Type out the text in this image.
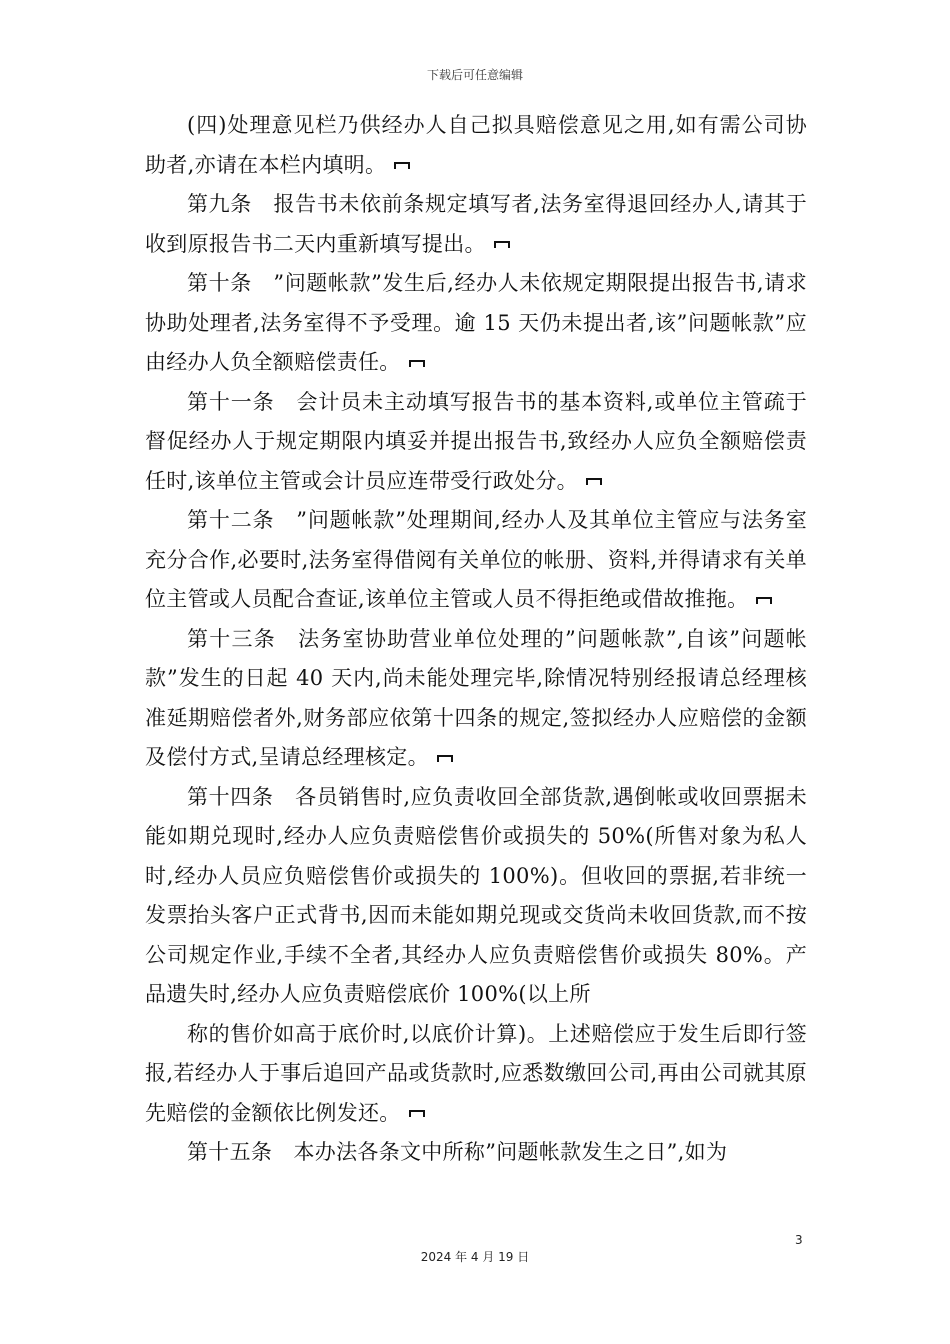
下载后可任意编辑

(四)处理意见栏乃供经办人自己拟具赔偿意见之用,如有需公司协助者,亦请在本栏内填明。

第九条　报告书未依前条规定填写者,法务室得退回经办人,请其于收到原报告书二天内重新填写提出。

第十条　”问题帐款”发生后,经办人未依规定期限提出报告书,请求协助处理者,法务室得不予受理。逾 15 天仍未提出者,该”问题帐款”应由经办人负全额赔偿责任。

第十一条　会计员未主动填写报告书的基本资料,或单位主管疏于督促经办人于规定期限内填妥并提出报告书,致经办人应负全额赔偿责任时,该单位主管或会计员应连带受行政处分。

第十二条　”问题帐款”处理期间,经办人及其单位主管应与法务室充分合作,必要时,法务室得借阅有关单位的帐册、资料,并得请求有关单位主管或人员配合查证,该单位主管或人员不得拒绝或借故推拖。

第十三条　法务室协助营业单位处理的”问题帐款”,自该”问题帐款”发生的日起 40 天内,尚未能处理完毕,除情况特别经报请总经理核准延期赔偿者外,财务部应依第十四条的规定,签拟经办人应赔偿的金额及偿付方式,呈请总经理核定。

第十四条　各员销售时,应负责收回全部货款,遇倒帐或收回票据未能如期兑现时,经办人应负责赔偿售价或损失的 50%(所售对象为私人时,经办人员应负赔偿售价或损失的 100%)。但收回的票据,若非统一发票抬头客户正式背书,因而未能如期兑现或交货尚未收回货款,而不按公司规定作业,手续不全者,其经办人应负责赔偿售价或损失 80%。产品遗失时,经办人应负责赔偿底价 100%(以上所

称的售价如高于底价时,以底价计算)。上述赔偿应于发生后即行签报,若经办人于事后追回产品或货款时,应悉数缴回公司,再由公司就其原先赔偿的金额依比例发还。

第十五条　本办法各条文中所称”问题帐款发生之日”,如为

3
2024 年 4 月 19 日
